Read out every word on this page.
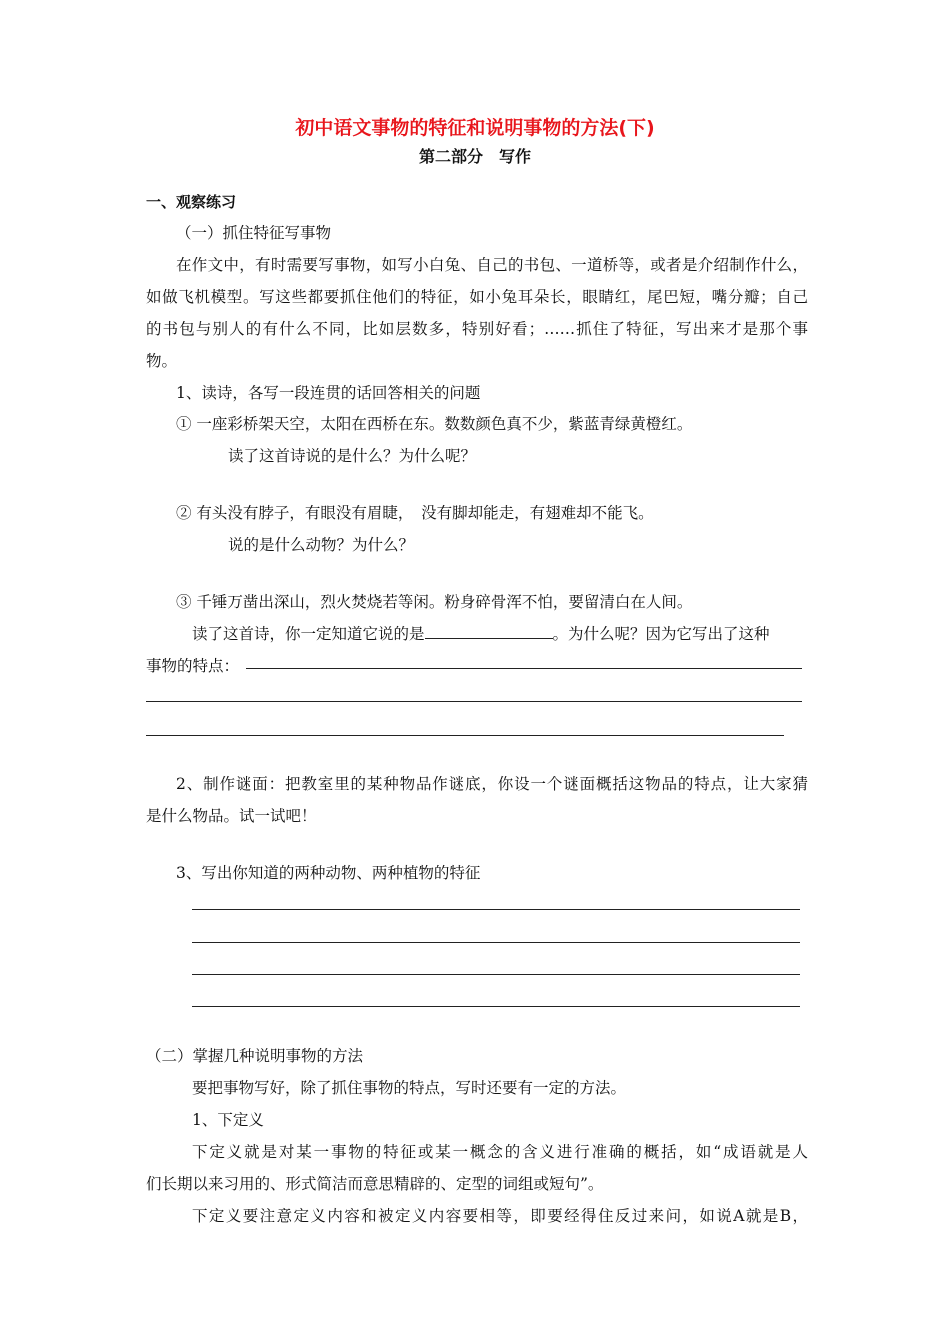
初中语文事物的特征和说明事物的方法(下)
第二部分　写作
一、观察练习
（一）抓住特征写事物
在作文中，有时需要写事物，如写小白兔、自己的书包、一道桥等，或者是介绍制作什么，
如做飞机模型。写这些都要抓住他们的特征，如小兔耳朵长，眼睛红，尾巴短，嘴分瓣；自己
的书包与别人的有什么不同，比如层数多，特别好看；……抓住了特征，写出来才是那个事
物。
1、读诗，各写一段连贯的话回答相关的问题
① 一座彩桥架天空，太阳在西桥在东。数数颜色真不少，紫蓝青绿黄橙红。
读了这首诗说的是什么？为什么呢？
② 有头没有脖子，有眼没有眉睫，　没有脚却能走，有翅难却不能飞。
说的是什么动物？为什么？
③ 千锤万凿出深山，烈火焚烧若等闲。粉身碎骨浑不怕，要留清白在人间。
读了这首诗，你一定知道它说的是	。为什么呢？因为它写出了这种
事物的特点：
2、制作谜面：把教室里的某种物品作谜底，你设一个谜面概括这物品的特点，让大家猜
是什么物品。试一试吧！
3、写出你知道的两种动物、两种植物的特征
（二）掌握几种说明事物的方法
要把事物写好，除了抓住事物的特点，写时还要有一定的方法。
1、下定义
下定义就是对某一事物的特征或某一概念的含义进行准确的概括，如“成语就是人
们长期以来习用的、形式简洁而意思精辟的、定型的词组或短句”。
下定义要注意定义内容和被定义内容要相等，即要经得住反过来问，如说A就是B，
